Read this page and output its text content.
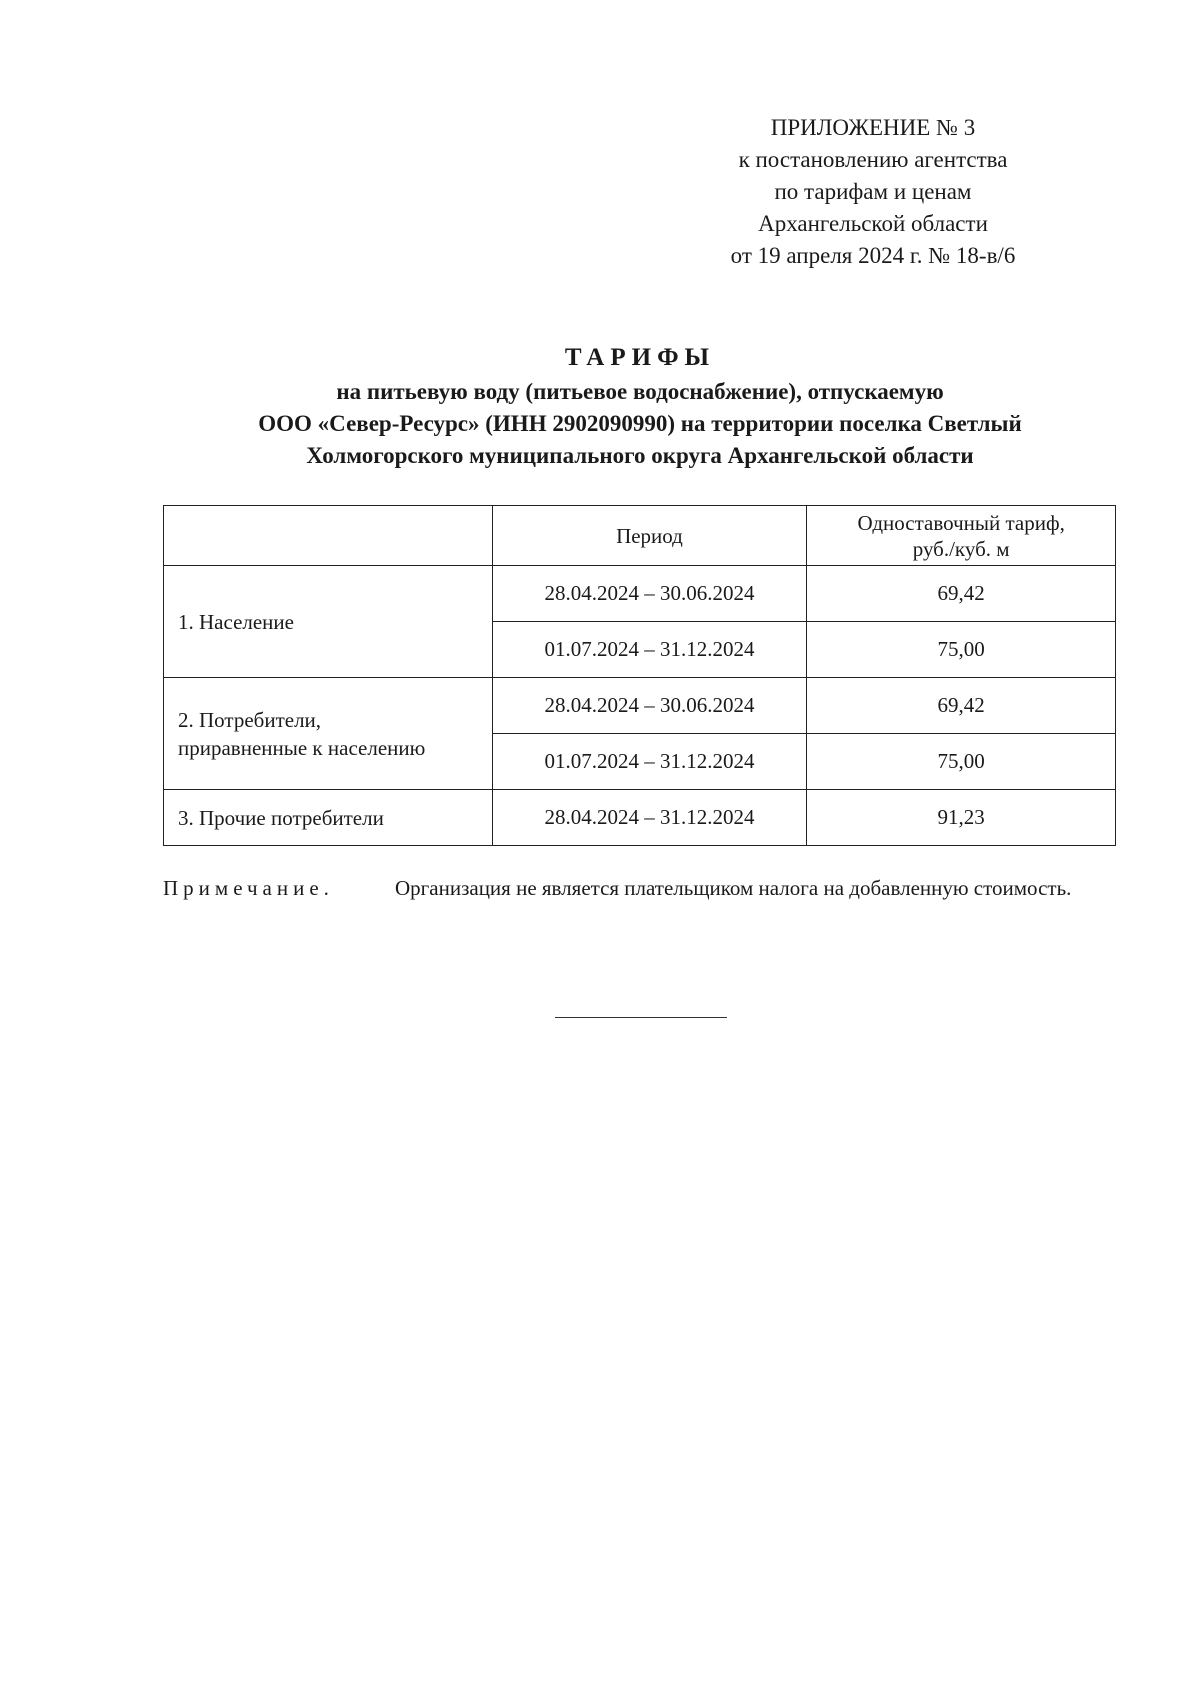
ПРИЛОЖЕНИЕ № 3
к постановлению агентства
по тарифам и ценам
Архангельской области
от 19 апреля 2024 г. № 18-в/6
ТАРИФЫ
на питьевую воду (питьевое водоснабжение), отпускаемую
ООО «Север-Ресурс» (ИНН 2902090990) на территории поселка Светлый
Холмогорского муниципального округа Архангельской области
	Период	Одноставочный тариф,
руб./куб. м

1. Население	28.04.2024 – 30.06.2024	69,42
	01.07.2024 – 31.12.2024	75,00

2. Потребители,
приравненные к населению	28.04.2024 – 30.06.2024	69,42
	01.07.2024 – 31.12.2024	75,00

3. Прочие потребители	28.04.2024 – 31.12.2024	91,23
Примечание.	Организация не является плательщиком налога на добавленную стоимость.
